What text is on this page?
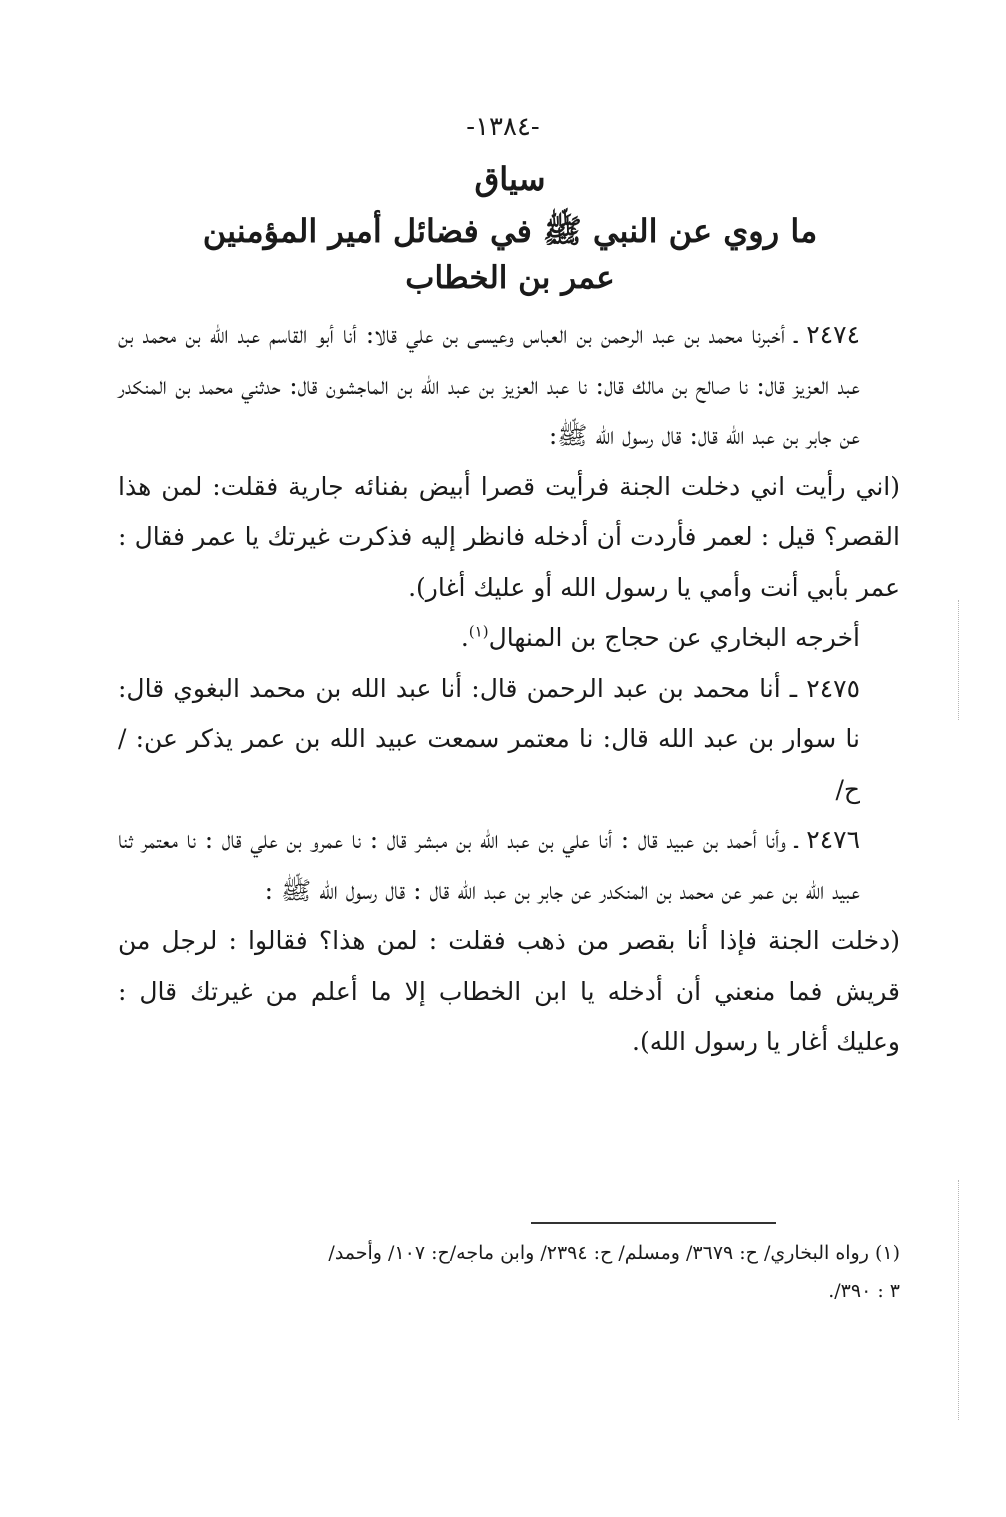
-١٣٨٤-
سياق
ما روي عن النبي ﷺ في فضائل أمير المؤمنين
عمر بن الخطاب

٢٤٧٤ ـ أخبرنا محمد بن عبد الرحمن بن العباس وعيسى بن علي قالا: أنا أبو القاسم عبد الله بن محمد بن عبد العزيز قال: نا صالح بن مالك قال: نا عبد العزيز بن عبد الله بن الماجشون قال: حدثني محمد بن المنكدر عن جابر بن عبد الله قال: قال رسول الله ﷺ:

(اني رأيت اني دخلت الجنة فرأيت قصرا أبيض بفنائه جارية فقلت: لمن هذا القصر؟ قيل : لعمر فأردت أن أدخله فانظر إليه فذكرت غيرتك يا عمر فقال : عمر بأبي أنت وأمي يا رسول الله أو عليك أغار).

أخرجه البخاري عن حجاج بن المنهال$^{(١)}$.

٢٤٧٥ ـ أنا محمد بن عبد الرحمن قال: أنا عبد الله بن محمد البغوي قال: نا سوار بن عبد الله قال: نا معتمر سمعت عبيد الله بن عمر يذكر عن: /ح/

٢٤٧٦ ـ وأنا أحمد بن عبيد قال : أنا علي بن عبد الله بن مبشر قال : نا عمرو بن علي قال : نا معتمر ثنا عبيد الله بن عمر عن محمد بن المنكدر عن جابر بن عبد الله قال : قال رسول الله ﷺ :

(دخلت الجنة فإذا أنا بقصر من ذهب فقلت : لمن هذا؟ فقالوا : لرجل من قريش فما منعني أن أدخله يا ابن الخطاب إلا ما أعلم من غيرتك قال : وعليك أغار يا رسول الله).

(١) رواه البخاري/ ح: ٣٦٧٩/ ومسلم/ ح: ٢٣٩٤/ وابن ماجه/ح: ١٠٧/ وأحمد/

٣ : ٣٩٠/.
